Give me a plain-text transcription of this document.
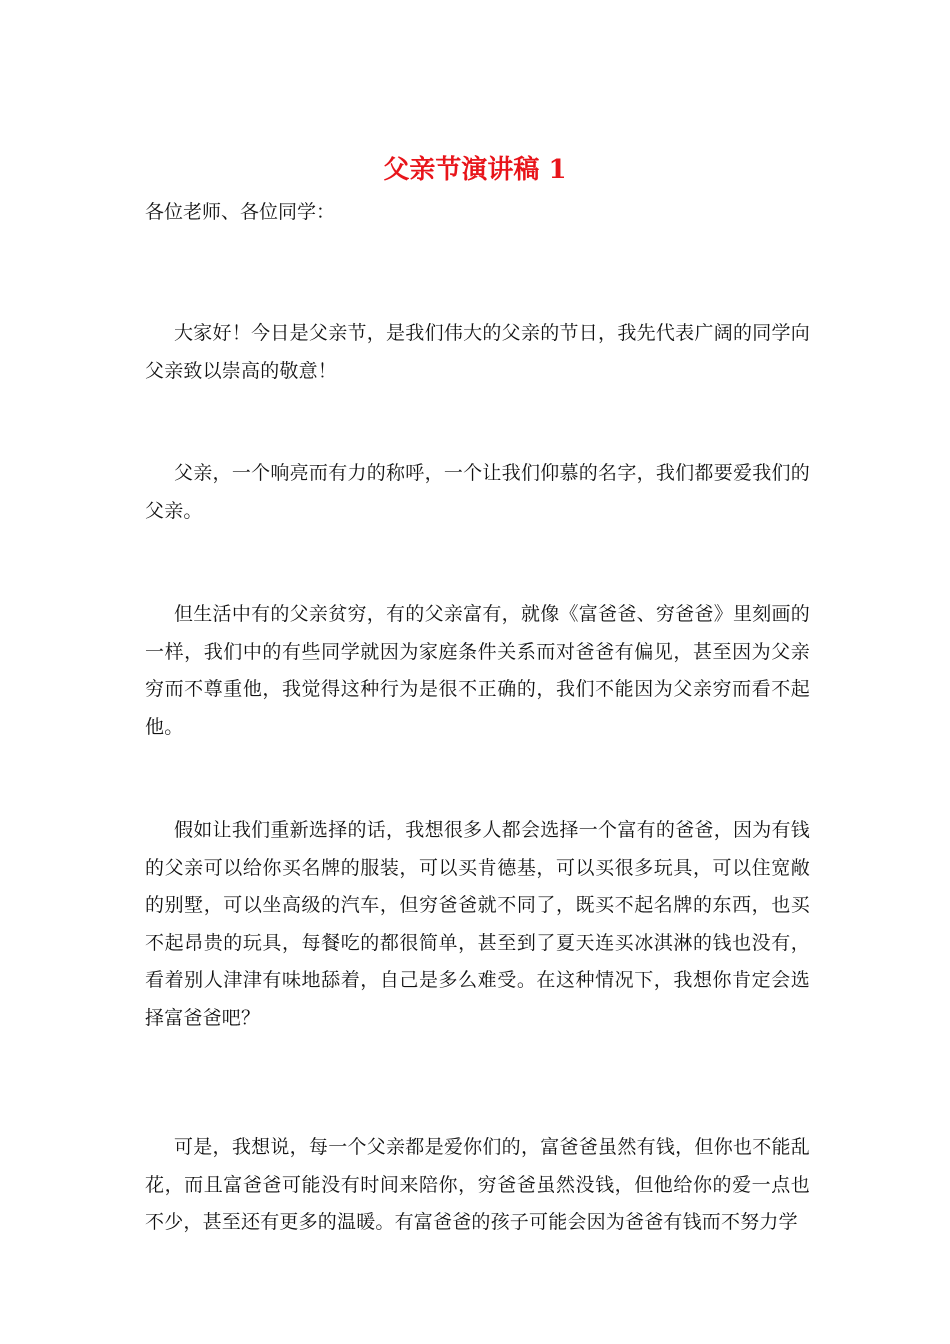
父亲节演讲稿 1
各位老师、各位同学：

大家好！今日是父亲节，是我们伟大的父亲的节日，我先代表广阔的同学向父亲致以崇高的敬意！

父亲，一个响亮而有力的称呼，一个让我们仰慕的名字，我们都要爱我们的父亲。

但生活中有的父亲贫穷，有的父亲富有，就像《富爸爸、穷爸爸》里刻画的一样，我们中的有些同学就因为家庭条件关系而对爸爸有偏见，甚至因为父亲穷而不尊重他，我觉得这种行为是很不正确的，我们不能因为父亲穷而看不起他。

假如让我们重新选择的话，我想很多人都会选择一个富有的爸爸，因为有钱的父亲可以给你买名牌的服装，可以买肯德基，可以买很多玩具，可以住宽敞的别墅，可以坐高级的汽车，但穷爸爸就不同了，既买不起名牌的东西，也买不起昂贵的玩具，每餐吃的都很简单，甚至到了夏天连买冰淇淋的钱也没有，看着别人津津有味地舔着，自己是多么难受。在这种情况下，我想你肯定会选择富爸爸吧？

可是，我想说，每一个父亲都是爱你们的，富爸爸虽然有钱，但你也不能乱花，而且富爸爸可能没有时间来陪你，穷爸爸虽然没钱，但他给你的爱一点也不少，甚至还有更多的温暖。有富爸爸的孩子可能会因为爸爸有钱而不努力学
